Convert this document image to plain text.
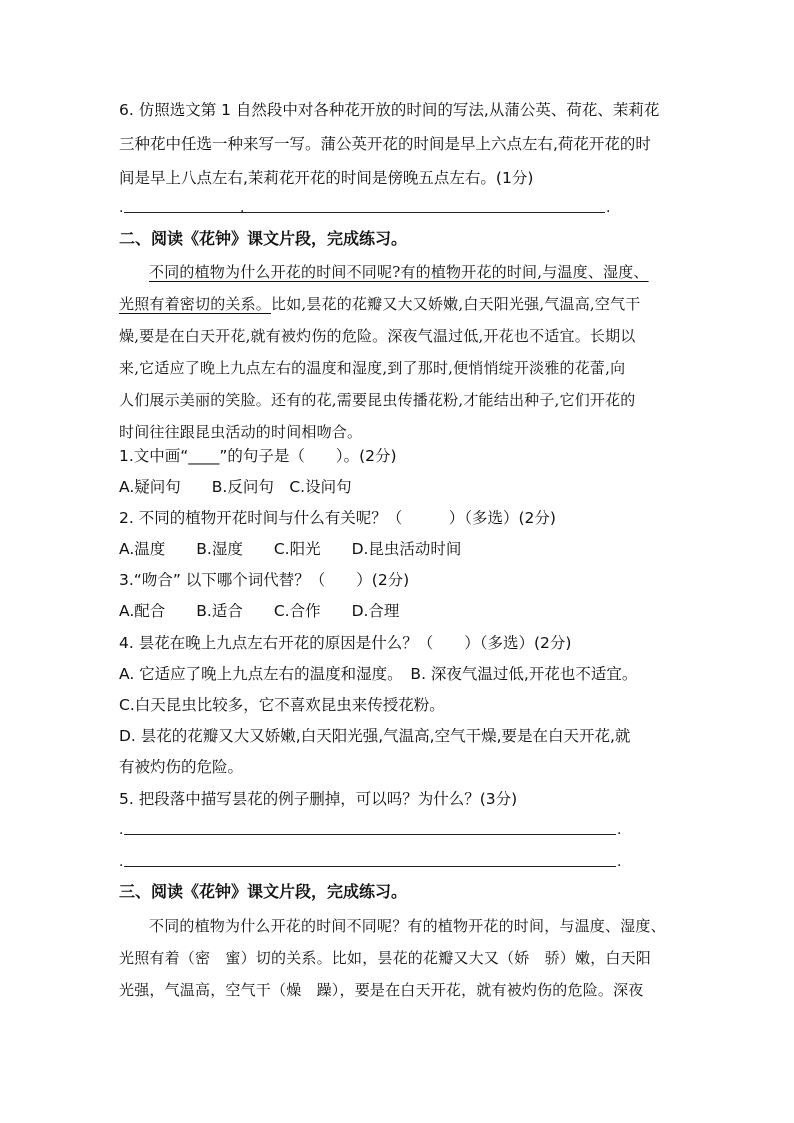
6. 仿照选文第 1 自然段中对各种花开放的时间的写法,从蒲公英、荷花、茉莉花
三种花中任选一种来写一写。蒲公英开花的时间是早上六点左右,荷花开花的时
间是早上八点左右,茉莉花开花的时间是傍晚五点左右。(1分)
.	.	.
二、阅读《花钟》课文片段，完成练习。
不同的植物为什么开花的时间不同呢?有的植物开花的时间,与温度、湿度、
光照有着密切的关系。比如,昙花的花瓣又大又娇嫩,白天阳光强,气温高,空气干
燥,要是在白天开花,就有被灼伤的危险。深夜气温过低,开花也不适宜。长期以
来,它适应了晚上九点左右的温度和湿度,到了那时,便悄悄绽开淡雅的花蕾,向
人们展示美丽的笑脸。还有的花,需要昆虫传播花粉,才能结出种子,它们开花的
时间往往跟昆虫活动的时间相吻合。
1.文中画“____”的句子是（　　）。(2分)
A.疑问句　　B.反问句　C.设问句
2. 不同的植物开花时间与什么有关呢？（　　　）（多选）(2分)
A.温度　　B.湿度　　C.阳光　　D.昆虫活动时间
3.“吻合” 以下哪个词代替？（　　）(2分)
A.配合　　B.适合　　C.合作　　D.合理
4. 昙花在晚上九点左右开花的原因是什么？（　　）（多选）(2分)
A. 它适应了晚上九点左右的温度和湿度。　B. 深夜气温过低,开花也不适宜。
C.白天昆虫比较多，它不喜欢昆虫来传授花粉。
D. 昙花的花瓣又大又娇嫩,白天阳光强,气温高,空气干燥,要是在白天开花,就
有被灼伤的危险。
5. 把段落中描写昙花的例子删掉，可以吗？为什么？(3分)
.	.
.	.
三、阅读《花钟》课文片段，完成练习。
不同的植物为什么开花的时间不同呢？有的植物开花的时间，与温度、湿度、
光照有着（密　蜜）切的关系。比如，昙花的花瓣又大又（娇　骄）嫩，白天阳
光强，气温高，空气干（燥　躁），要是在白天开花，就有被灼伤的危险。深夜
